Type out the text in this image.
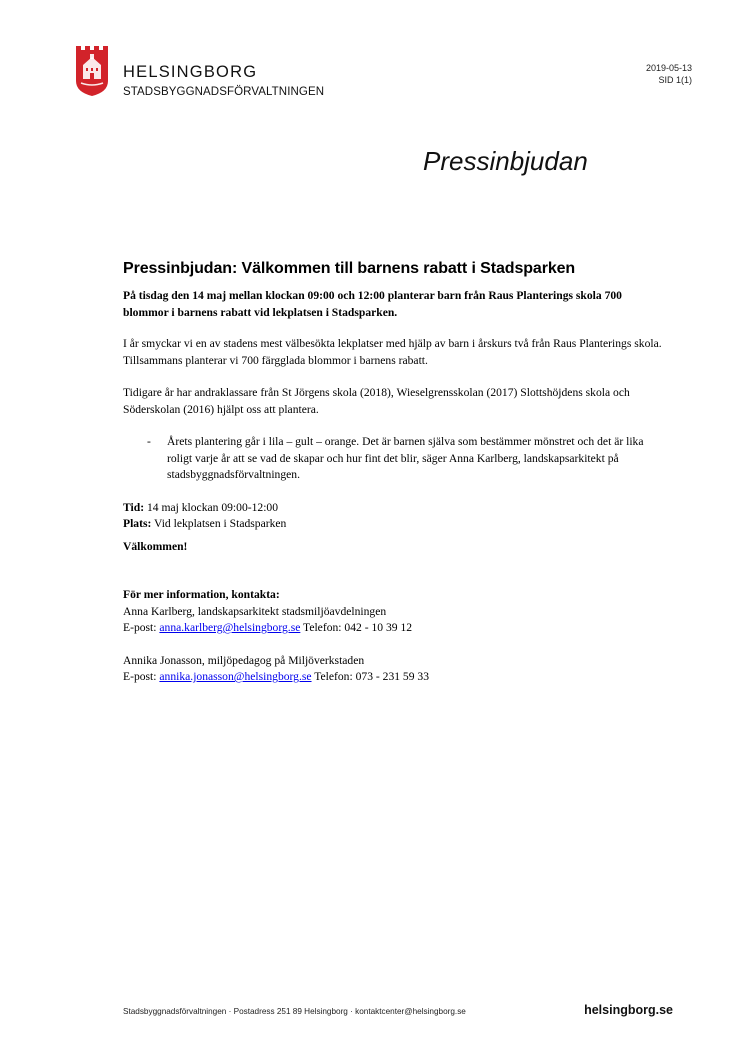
HELSINGBORG
STADSBYGGNADSFÖRVALTNINGEN
2019-05-13
SID 1(1)
Pressinbjudan
Pressinbjudan: Välkommen till barnens rabatt i Stadsparken

På tisdag den 14 maj mellan klockan 09:00 och 12:00 planterar barn från Raus Planterings skola 700 blommor i barnens rabatt vid lekplatsen i Stadsparken.

I år smyckar vi en av stadens mest välbesökta lekplatser med hjälp av barn i årskurs två från Raus Planterings skola. Tillsammans planterar vi 700 färgglada blommor i barnens rabatt.

Tidigare år har andraklassare från St Jörgens skola (2018), Wieselgrensskolan (2017) Slottshöjdens skola och Söderskolan (2016) hjälpt oss att plantera.

- Årets plantering går i lila – gult – orange. Det är barnen själva som bestämmer mönstret och det är lika roligt varje år att se vad de skapar och hur fint det blir, säger Anna Karlberg, landskapsarkitekt på stadsbyggnadsförvaltningen.

Tid: 14 maj klockan 09:00-12:00

Plats: Vid lekplatsen i Stadsparken

Välkommen!

För mer information, kontakta:

Anna Karlberg, landskapsarkitekt stadsmiljöavdelningen

E-post: anna.karlberg@helsingborg.se Telefon: 042 - 10 39 12

Annika Jonasson, miljöpedagog på Miljöverkstaden

E-post: annika.jonasson@helsingborg.se Telefon: 073 - 231 59 33

Stadsbyggnadsförvaltningen · Postadress 251 89 Helsingborg · kontaktcenter@helsingborg.se	helsingborg.se
